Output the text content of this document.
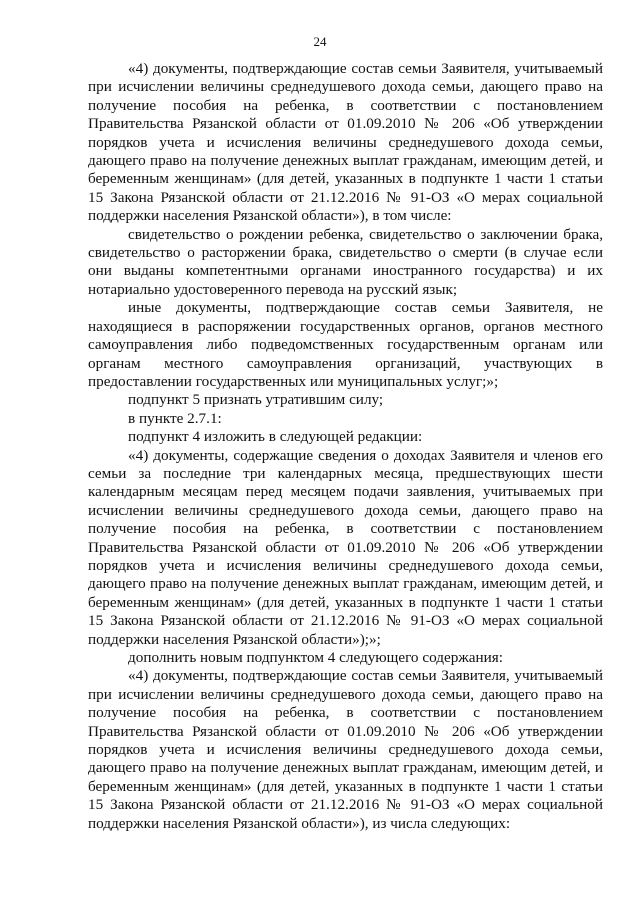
24

«4) документы, подтверждающие состав семьи Заявителя, учитываемый при исчислении величины среднедушевого дохода семьи, дающего право на получение пособия на ребенка, в соответствии с постановлением Правительства Рязанской области от 01.09.2010 № 206 «Об утверждении порядков учета и исчисления величины среднедушевого дохода семьи, дающего право на получение денежных выплат гражданам, имеющим детей, и беременным женщинам» (для детей, указанных в подпункте 1 части 1 статьи 15 Закона Рязанской области от 21.12.2016 № 91-ОЗ «О мерах социальной поддержки населения Рязанской области»), в том числе:

свидетельство о рождении ребенка, свидетельство о заключении брака, свидетельство о расторжении брака, свидетельство о смерти (в случае если они выданы компетентными органами иностранного государства) и их нотариально удостоверенного перевода на русский язык;

иные документы, подтверждающие состав семьи Заявителя, не находящиеся в распоряжении государственных органов, органов местного самоуправления либо подведомственных государственным органам или органам местного самоуправления организаций, участвующих в предоставлении государственных или муниципальных услуг;»;

подпункт 5 признать утратившим силу;

в пункте 2.7.1:

подпункт 4 изложить в следующей редакции:

«4) документы, содержащие сведения о доходах Заявителя и членов его семьи за последние три календарных месяца, предшествующих шести календарным месяцам перед месяцем подачи заявления, учитываемых при исчислении величины среднедушевого дохода семьи, дающего право на получение пособия на ребенка, в соответствии с постановлением Правительства Рязанской области от 01.09.2010 № 206 «Об утверждении порядков учета и исчисления величины среднедушевого дохода семьи, дающего право на получение денежных выплат гражданам, имеющим детей, и беременным женщинам» (для детей, указанных в подпункте 1 части 1 статьи 15 Закона Рязанской области от 21.12.2016 № 91-ОЗ «О мерах социальной поддержки населения Рязанской области»);»;

дополнить новым подпунктом 4 следующего содержания:

«4) документы, подтверждающие состав семьи Заявителя, учитываемый при исчислении величины среднедушевого дохода семьи, дающего право на получение пособия на ребенка, в соответствии с постановлением Правительства Рязанской области от 01.09.2010 № 206 «Об утверждении порядков учета и исчисления величины среднедушевого дохода семьи, дающего право на получение денежных выплат гражданам, имеющим детей, и беременным женщинам» (для детей, указанных в подпункте 1 части 1 статьи 15 Закона Рязанской области от 21.12.2016 № 91-ОЗ «О мерах социальной поддержки населения Рязанской области»), из числа следующих:
